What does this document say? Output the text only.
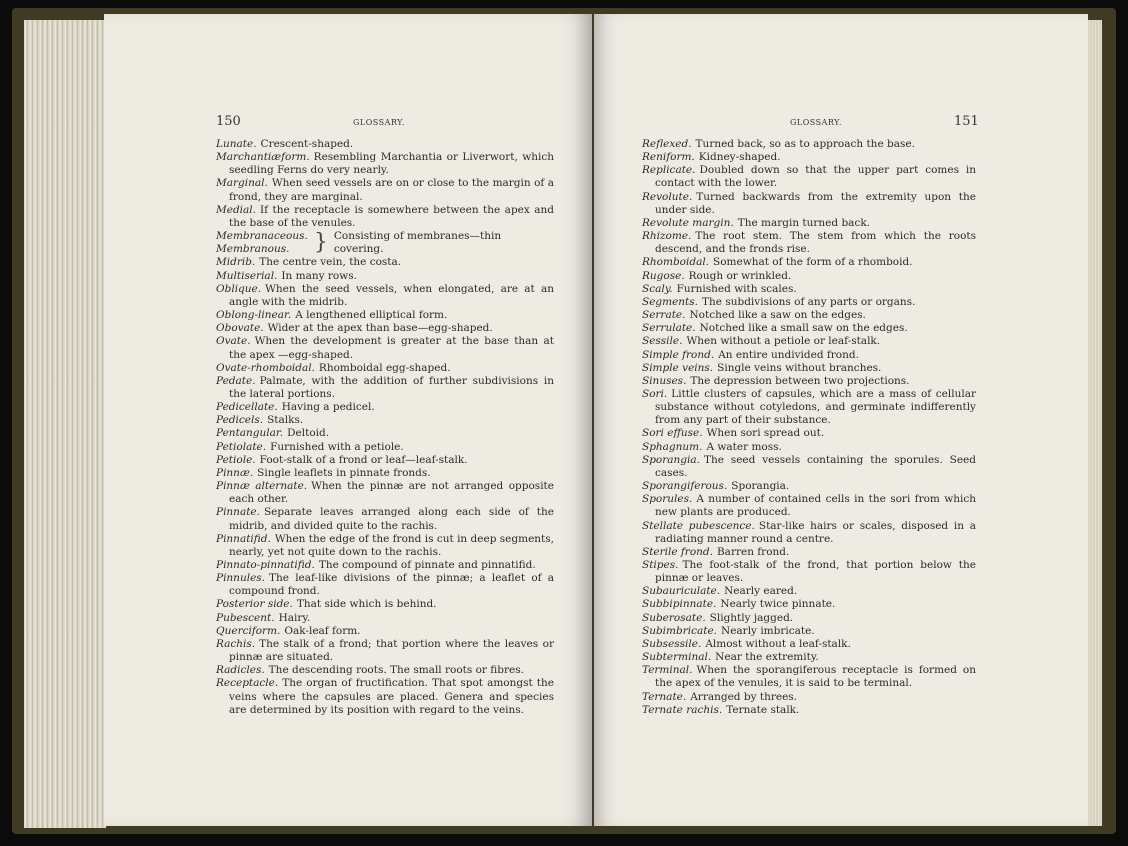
150	GLOSSARY.

Lunate. Crescent-shaped.

Marchantiæform. Resembling Marchantia or Liverwort, which seedling Ferns do very nearly.

Marginal. When seed vessels are on or close to the margin of a frond, they are marginal.

Medial. If the receptacle is somewhere between the apex and the base of the venules.

Membranaceous.
Membranous.	} Consisting of membranes—thin covering.

Midrib. The centre vein, the costa.

Multiserial. In many rows.

Oblique. When the seed vessels, when elongated, are at an angle with the midrib.

Oblong-linear. A lengthened elliptical form.

Obovate. Wider at the apex than base—egg-shaped.

Ovate. When the development is greater at the base than at the apex —egg-shaped.

Ovate-rhomboidal. Rhomboidal egg-shaped.

Pedate. Palmate, with the addition of further subdivisions in the lateral portions.

Pedicellate. Having a pedicel.

Pedicels. Stalks.

Pentangular. Deltoid.

Petiolate. Furnished with a petiole.

Petiole. Foot-stalk of a frond or leaf—leaf-stalk.

Pinnæ. Single leaflets in pinnate fronds.

Pinnæ alternate. When the pinnæ are not arranged opposite each other.

Pinnate. Separate leaves arranged along each side of the midrib, and divided quite to the rachis.

Pinnatifid. When the edge of the frond is cut in deep segments, nearly, yet not quite down to the rachis.

Pinnato-pinnatifid. The compound of pinnate and pinnatifid.

Pinnules. The leaf-like divisions of the pinnæ; a leaflet of a compound frond.

Posterior side. That side which is behind.

Pubescent. Hairy.

Querciform. Oak-leaf form.

Rachis. The stalk of a frond; that portion where the leaves or pinnæ are situated.

Radicles. The descending roots. The small roots or fibres.

Receptacle. The organ of fructification. That spot amongst the veins where the capsules are placed. Genera and species are determined by its position with regard to the veins.

GLOSSARY.	151

Reflexed. Turned back, so as to approach the base.

Reniform. Kidney-shaped.

Replicate. Doubled down so that the upper part comes in contact with the lower.

Revolute. Turned backwards from the extremity upon the under side.

Revolute margin. The margin turned back.

Rhizome. The root stem. The stem from which the roots descend, and the fronds rise.

Rhomboidal. Somewhat of the form of a rhomboid.

Rugose. Rough or wrinkled.

Scaly. Furnished with scales.

Segments. The subdivisions of any parts or organs.

Serrate. Notched like a saw on the edges.

Serrulate. Notched like a small saw on the edges.

Sessile. When without a petiole or leaf-stalk.

Simple frond. An entire undivided frond.

Simple veins. Single veins without branches.

Sinuses. The depression between two projections.

Sori. Little clusters of capsules, which are a mass of cellular substance without cotyledons, and germinate indifferently from any part of their substance.

Sori effuse. When sori spread out.

Sphagnum. A water moss.

Sporangia. The seed vessels containing the sporules. Seed cases.

Sporangiferous. Sporangia.

Sporules. A number of contained cells in the sori from which new plants are produced.

Stellate pubescence. Star-like hairs or scales, disposed in a radiating manner round a centre.

Sterile frond. Barren frond.

Stipes. The foot-stalk of the frond, that portion below the pinnæ or leaves.

Subauriculate. Nearly eared.

Subbipinnate. Nearly twice pinnate.

Suberosate. Slightly jagged.

Subimbricate. Nearly imbricate.

Subsessile. Almost without a leaf-stalk.

Subterminal. Near the extremity.

Terminal. When the sporangiferous receptacle is formed on the apex of the venules, it is said to be terminal.

Ternate. Arranged by threes.

Ternate rachis. Ternate stalk.
